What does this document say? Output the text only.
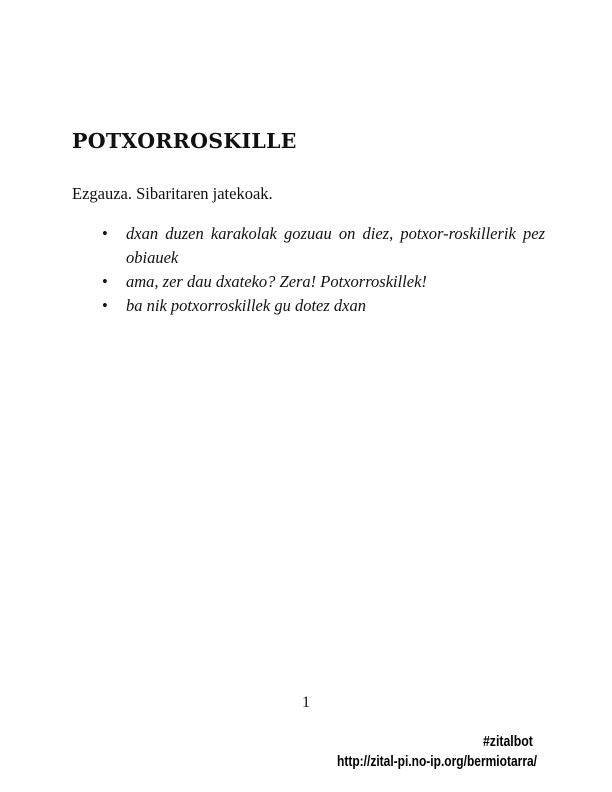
POTXORROSKILLE

Ezgauza. Sibaritaren jatekoak.

• dxan duzen karakolak gozuau on diez, potxor-roskillerik pez obiauek
• ama, zer dau dxateko? Zera! Potxorroskillek!
• ba nik potxorroskillek gu dotez dxan
1
#zitalbot
http://zital-pi.no-ip.org/bermiotarra/
